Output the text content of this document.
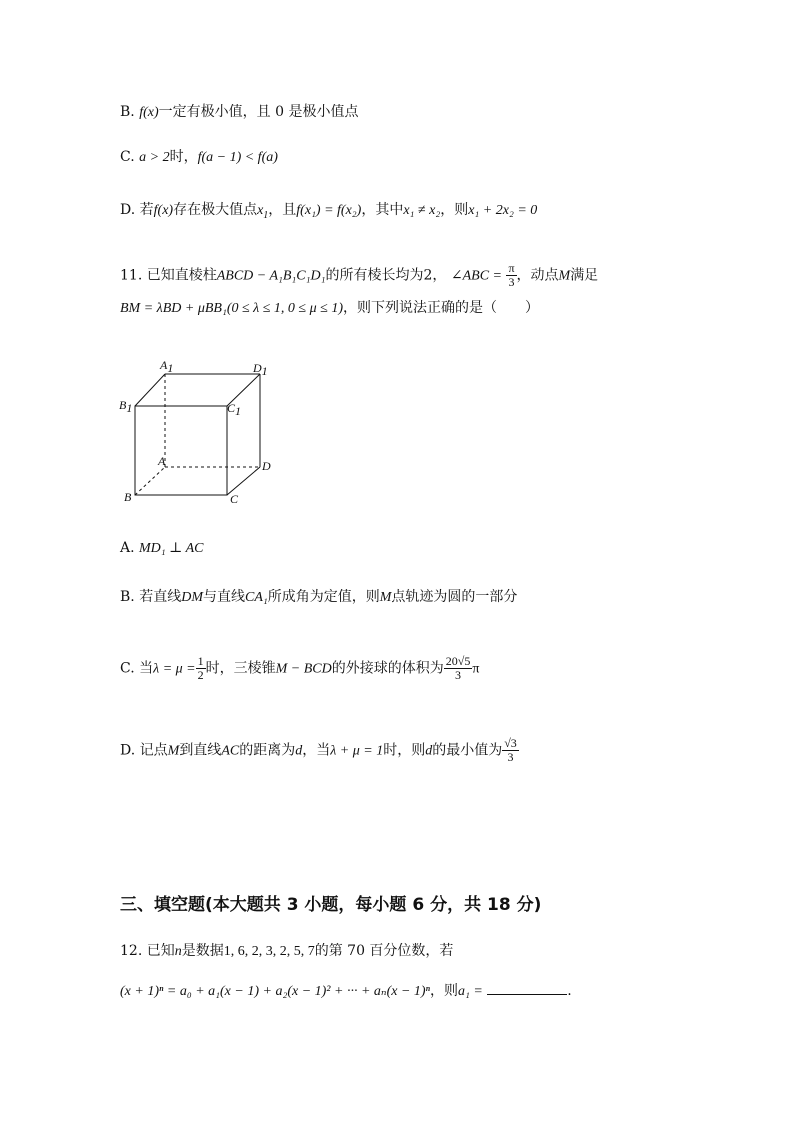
B. f(x)一定有极小值，且 0 是极小值点
C. a > 2时，f(a − 1) < f(a)
D. 若f(x)存在极大值点$x_1$，且f(x₁) = f(x₂)，其中x₁ ≠ x₂，则x₁ + 2x₂ = 0
11. 已知直棱柱ABCD − A₁B₁C₁D₁的所有棱长均为2， ∠ABC = $\frac{\pi}{3}$ ，动点M满足
BM = λBD + μBB₁(0 ≤ λ ≤ 1, 0 ≤ μ ≤ 1)，则下列说法正确的是（　　）
A1	D1
B1	C1
A	D
B	C
A. MD₁ ⊥ AC
B. 若直线DM与直线CA₁所成角为定值，则M点轨迹为圆的一部分
C. 当$\lambda = \mu = \frac{1}{2}$ 时，三棱锥M − BCD的外接球的体积为 $\frac{20√5}{3}$ π
D. 记点M到直线AC的距离为d，当λ + μ = 1时，则d的最小值为 $\frac{√3}{3}$
三、填空题(本大题共 3 小题，每小题 6 分，共 18 分)
12. 已知n是数据1, 6, 2, 3, 2, 5, 7的第 70 百分位数，若
(x + 1)ⁿ = a₀ + a₁(x − 1) + a₂(x − 1)² + ··· + aₙ(x − 1)ⁿ，则a₁ =	.
